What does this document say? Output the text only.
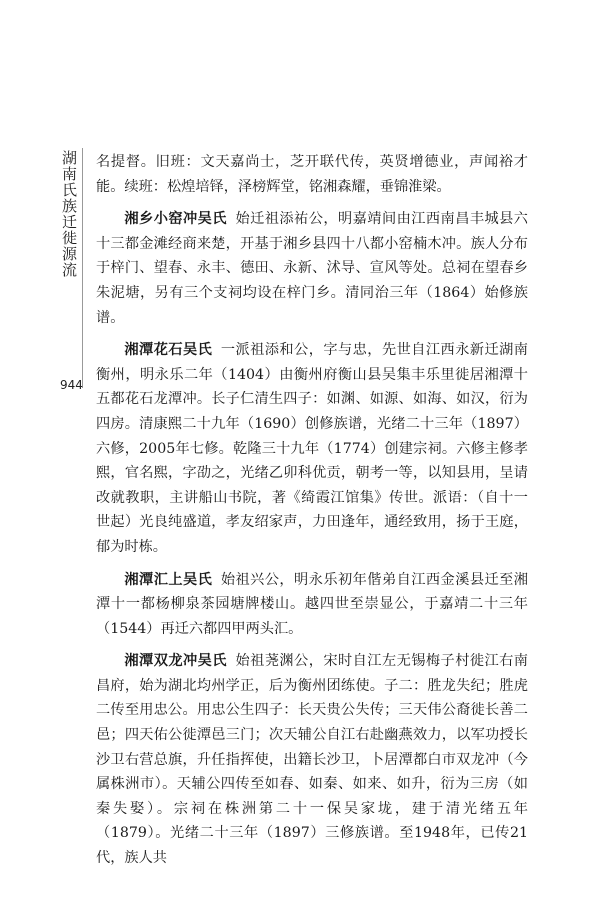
湖南氏族迁徙源流
944

名提督。旧班：文天嘉尚士，芝开联代传，英贤增德业，声闻裕才能。续班：松煌培铎，泽榜辉堂，铭湘森耀，垂锦淮梁。

湘乡小窑冲吴氏 始迁祖添祐公，明嘉靖间由江西南昌丰城县六十三都金滩经商来楚，开基于湘乡县四十八都小窑楠木冲。族人分布于梓门、望春、永丰、德田、永新、沭导、宣风等处。总祠在望春乡朱泥塘，另有三个支祠均设在梓门乡。清同治三年（1864）始修族谱。

湘潭花石吴氏 一派祖添和公，字与忠，先世自江西永新迁湖南衡州，明永乐二年（1404）由衡州府衡山县吴集丰乐里徙居湘潭十五都花石龙潭冲。长子仁清生四子：如渊、如源、如海、如汉，衍为四房。清康熙二十九年（1690）创修族谱，光绪二十三年（1897）六修，2005年七修。乾隆三十九年（1774）创建宗祠。六修主修孝熙，官名熙，字劭之，光绪乙卯科优贡，朝考一等，以知县用，呈请改就教职，主讲船山书院，著《绮霞江馆集》传世。派语：（自十一世起）光良纯盛道，孝友绍家声，力田逢年，通经致用，扬于王庭，郁为时栋。

湘潭汇上吴氏 始祖兴公，明永乐初年偕弟自江西金溪县迁至湘潭十一都杨柳泉茶园塘牌楼山。越四世至崇显公，于嘉靖二十三年（1544）再迁六都四甲两头汇。

湘潭双龙冲吴氏 始祖荛渊公，宋时自江左无锡梅子村徙江右南昌府，始为湖北均州学正，后为衡州团练使。子二：胜龙失纪；胜虎二传至用忠公。用忠公生四子：长天贵公失传；三天伟公裔徙长善二邑；四天佑公徙潭邑三门；次天辅公自江右赴幽燕效力，以军功授长沙卫右营总旗，升任指挥使，出籍长沙卫，卜居潭都白市双龙冲（今属株洲市）。天辅公四传至如春、如秦、如来、如升，衍为三房（如秦失娶）。宗祠在株洲第二十一保吴家垅，建于清光绪五年（1879）。光绪二十三年（1897）三修族谱。至1948年，已传21代，族人共
